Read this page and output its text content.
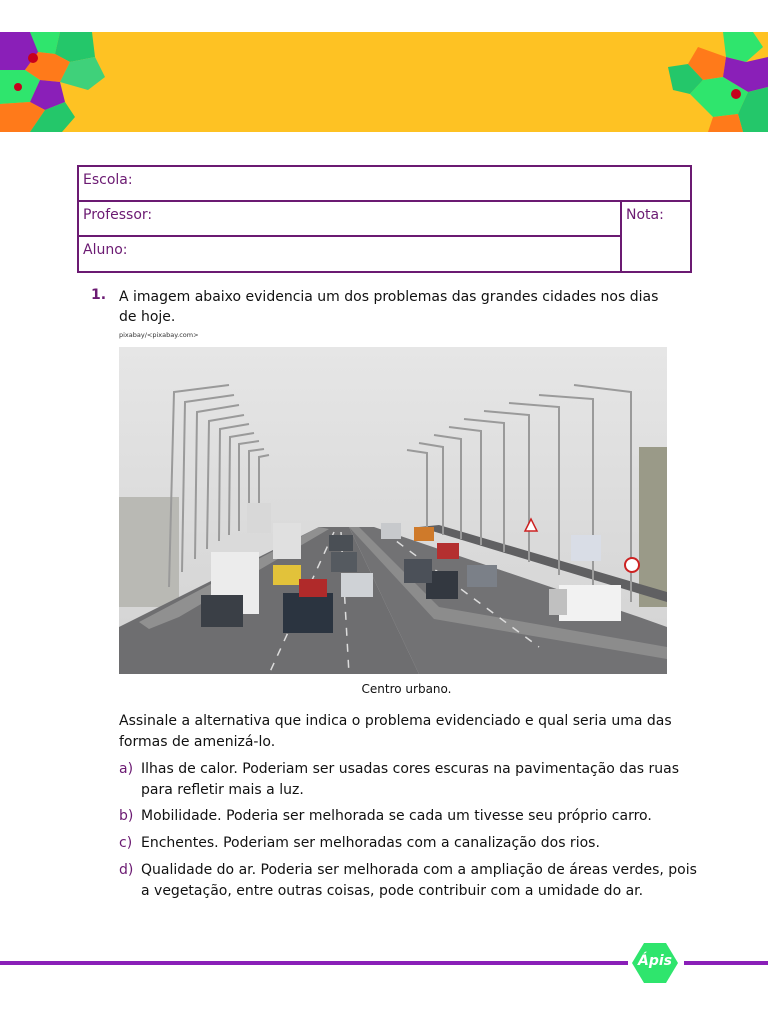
Escola:
Professor:
Aluno:
Nota:
1. A imagem abaixo evidencia um dos problemas das grandes cidades nos dias de hoje.
pixabay/<pixabay.com>
Centro urbano.
Assinale a alternativa que indica o problema evidenciado e qual seria uma das formas de amenizá-lo.
a) Ilhas de calor. Poderiam ser usadas cores escuras na pavimentação das ruas para refletir mais a luz.
b) Mobilidade. Poderia ser melhorada se cada um tivesse seu próprio carro.
c) Enchentes. Poderiam ser melhoradas com a canalização dos rios.
d) Qualidade do ar. Poderia ser melhorada com a ampliação de áreas verdes, pois a vegetação, entre outras coisas, pode contribuir com a umidade do ar.
Ápis
